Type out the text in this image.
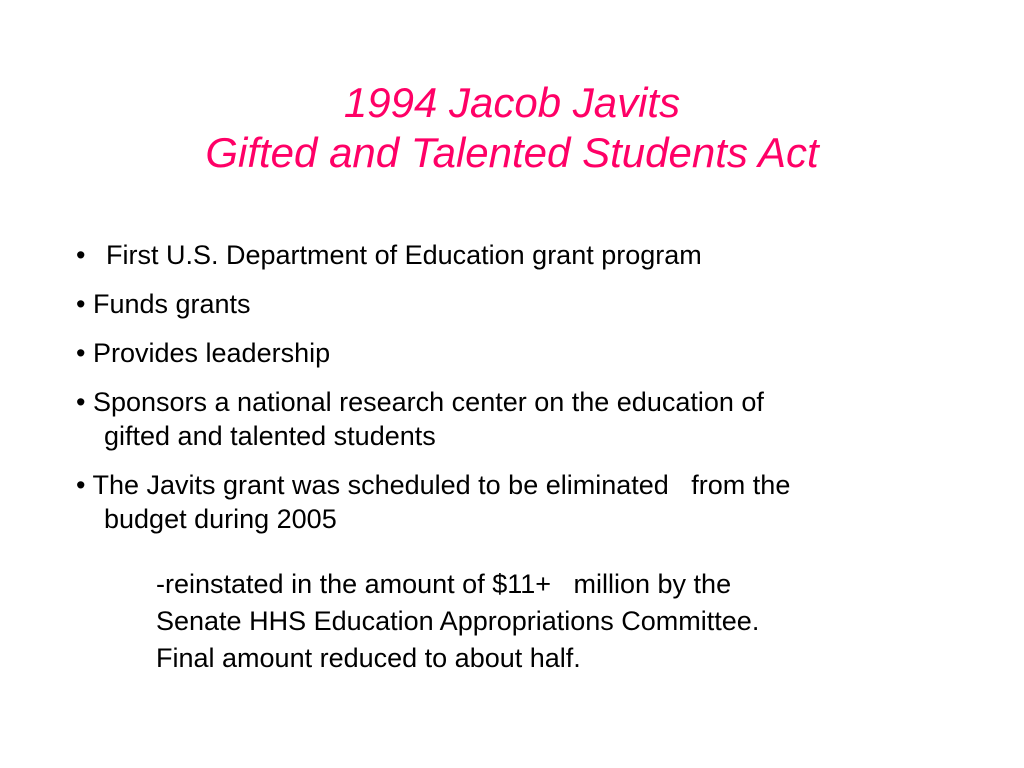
1994 Jacob Javits
Gifted and Talented Students Act
• First U.S. Department of Education grant program
• Funds grants
• Provides leadership
• Sponsors a national research center on the education of
gifted and talented students
• The Javits grant was scheduled to be eliminated   from the
budget during 2005
-reinstated in the amount of $11+   million by the
Senate HHS Education Appropriations Committee.
Final amount reduced to about half.
